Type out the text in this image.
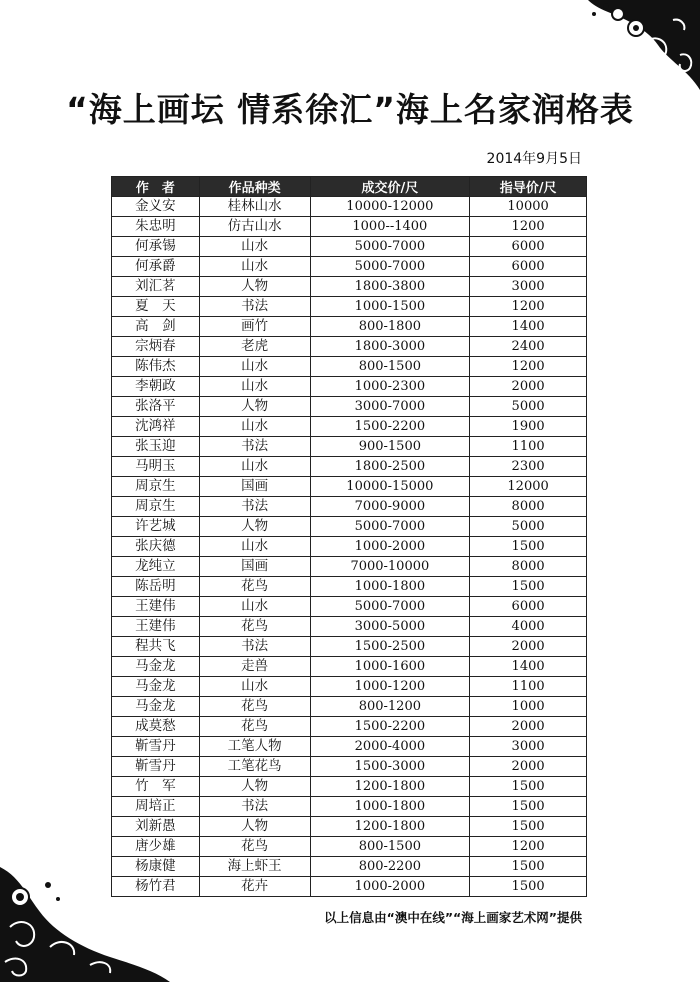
“海上画坛 情系徐汇”海上名家润格表
2014年9月5日
作　者	作品种类	成交价/尺	指导价/尺
金义安	桂林山水	10000-12000	10000
朱忠明	仿古山水	1000--1400	1200
何承锡	山水	5000-7000	6000
何承爵	山水	5000-7000	6000
刘汇茗	人物	1800-3800	3000
夏　天	书法	1000-1500	1200
高　剑	画竹	800-1800	1400
宗炳春	老虎	1800-3000	2400
陈伟杰	山水	800-1500	1200
李朝政	山水	1000-2300	2000
张洛平	人物	3000-7000	5000
沈鸿祥	山水	1500-2200	1900
张玉迎	书法	900-1500	1100
马明玉	山水	1800-2500	2300
周京生	国画	10000-15000	12000
周京生	书法	7000-9000	8000
许艺城	人物	5000-7000	5000
张庆德	山水	1000-2000	1500
龙纯立	国画	7000-10000	8000
陈岳明	花鸟	1000-1800	1500
王建伟	山水	5000-7000	6000
王建伟	花鸟	3000-5000	4000
程共飞	书法	1500-2500	2000
马金龙	走兽	1000-1600	1400
马金龙	山水	1000-1200	1100
马金龙	花鸟	800-1200	1000
成莫愁	花鸟	1500-2200	2000
靳雪丹	工笔人物	2000-4000	3000
靳雪丹	工笔花鸟	1500-3000	2000
竹　军	人物	1200-1800	1500
周培正	书法	1000-1800	1500
刘新愚	人物	1200-1800	1500
唐少雄	花鸟	800-1500	1200
杨康健	海上虾王	800-2200	1500
杨竹君	花卉	1000-2000	1500
以上信息由“澳中在线”“海上画家艺术网”提供
